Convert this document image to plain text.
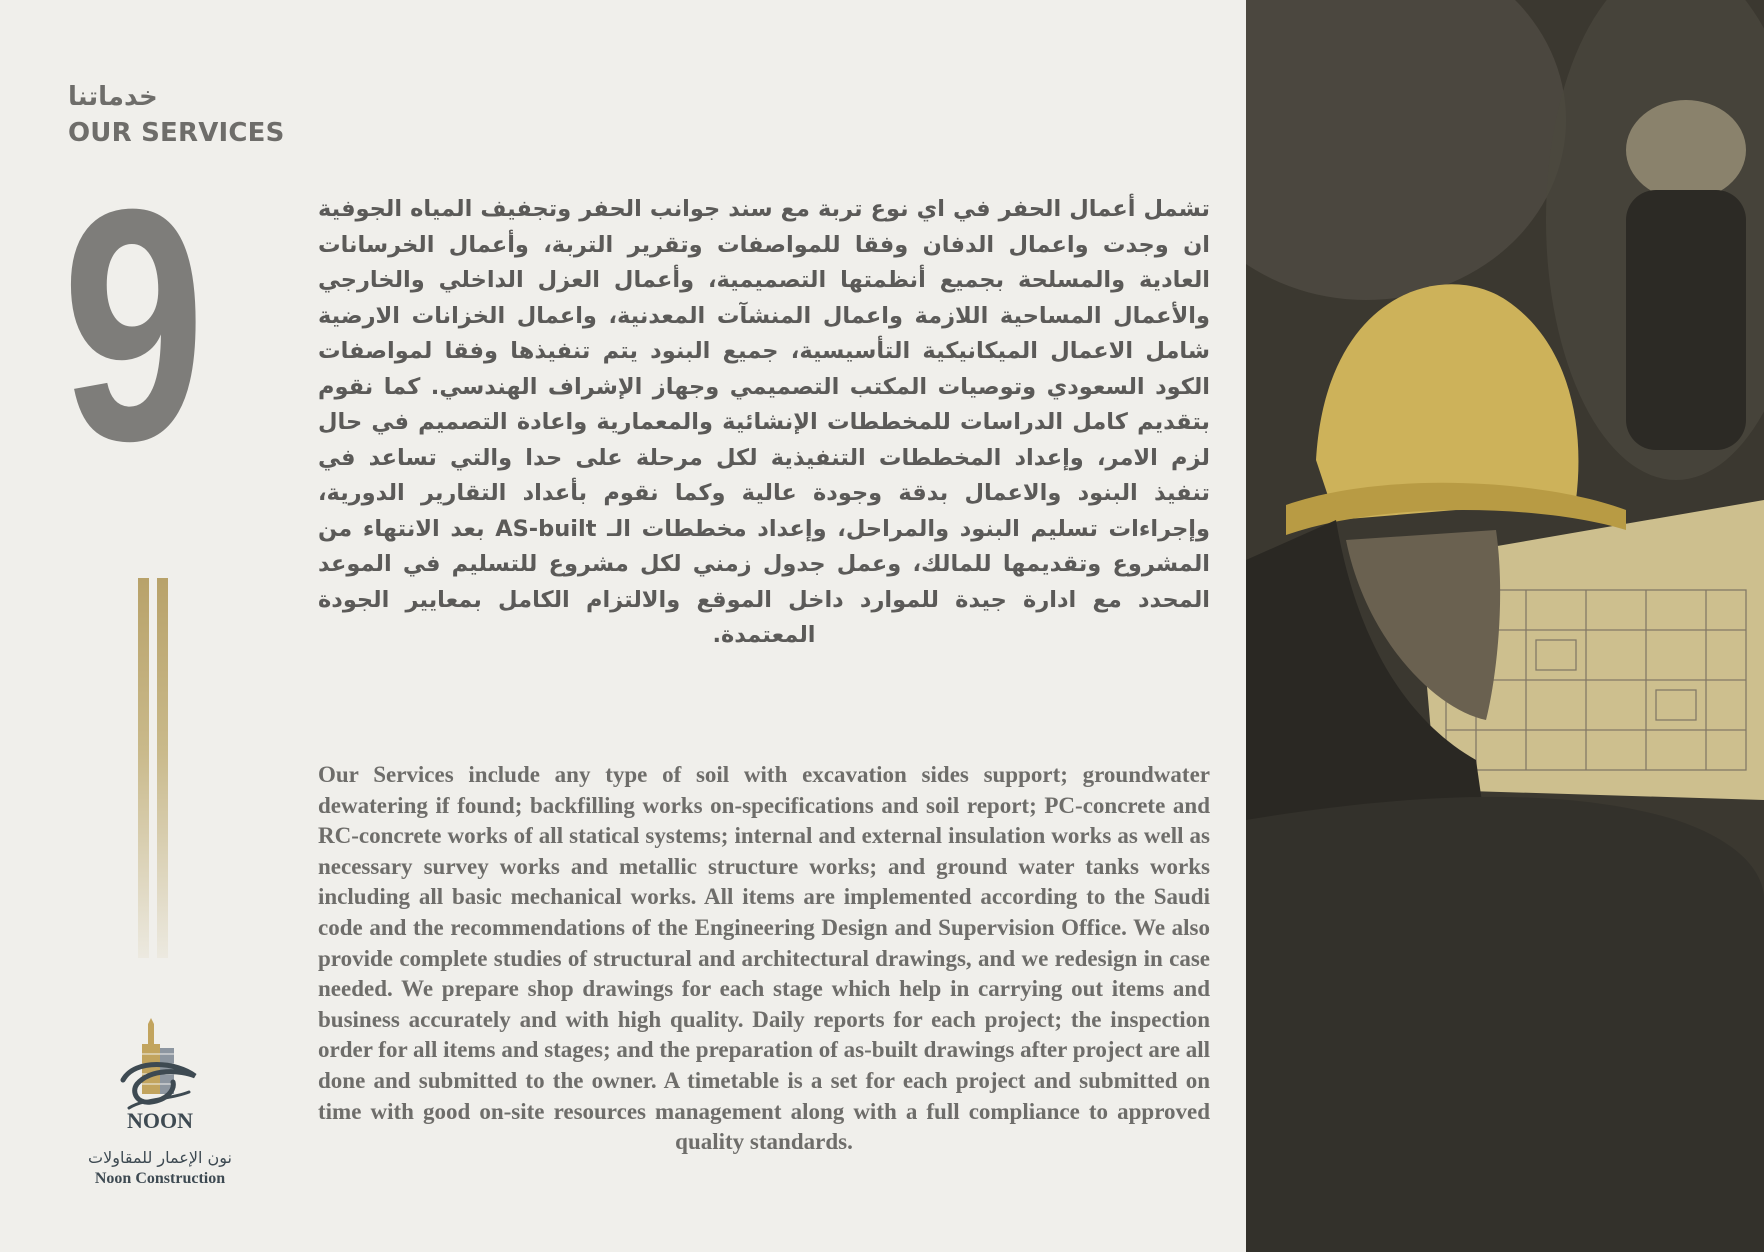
خدماتنا
OUR SERVICES
9	تشمل أعمال الحفر في اي نوع تربة مع سند جوانب الحفر وتجفيف المياه الجوفية ان وجدت واعمال الدفان وفقا للمواصفات وتقرير التربة، وأعمال الخرسانات العادية والمسلحة بجميع أنظمتها التصميمية، وأعمال العزل الداخلي والخارجي والأعمال المساحية اللازمة واعمال المنشآت المعدنية، واعمال الخزانات الارضية شامل الاعمال الميكانيكية التأسيسية، جميع البنود يتم تنفيذها وفقا لمواصفات الكود السعودي وتوصيات المكتب التصميمي وجهاز الإشراف الهندسي. كما نقوم بتقديم كامل الدراسات للمخططات الإنشائية والمعمارية واعادة التصميم في حال لزم الامر، وإعداد المخططات التنفيذية لكل مرحلة على حدا والتي تساعد في تنفيذ البنود والاعمال بدقة وجودة عالية وكما نقوم بأعداد التقارير الدورية، وإجراءات تسليم البنود والمراحل، وإعداد مخططات الـ AS-built بعد الانتهاء من المشروع وتقديمها للمالك، وعمل جدول زمني لكل مشروع للتسليم في الموعد المحدد مع ادارة جيدة للموارد داخل الموقع والالتزام الكامل بمعايير الجودة المعتمدة.
Our Services include any type of soil with excavation sides support; groundwater dewatering if found; backfilling works on-specifications and soil report; PC-concrete and RC-concrete works of all statical systems; internal and external insulation works as well as necessary survey works and metallic structure works; and ground water tanks works including all basic mechanical works. All items are implemented according to the Saudi code and the recommendations of the Engineering Design and Supervision Office. We also provide complete studies of structural and architectural drawings, and we redesign in case needed. We prepare shop drawings for each stage which help in carrying out items and business accurately and with high quality. Daily reports for each project; the inspection order for all items and stages; and the preparation of as-built drawings after project are all done and submitted to the owner. A timetable is a set for each project and submitted on time with good on-site resources management along with a full compliance to approved quality standards.
NOON
نون الإعمار للمقاولات
Noon Construction
